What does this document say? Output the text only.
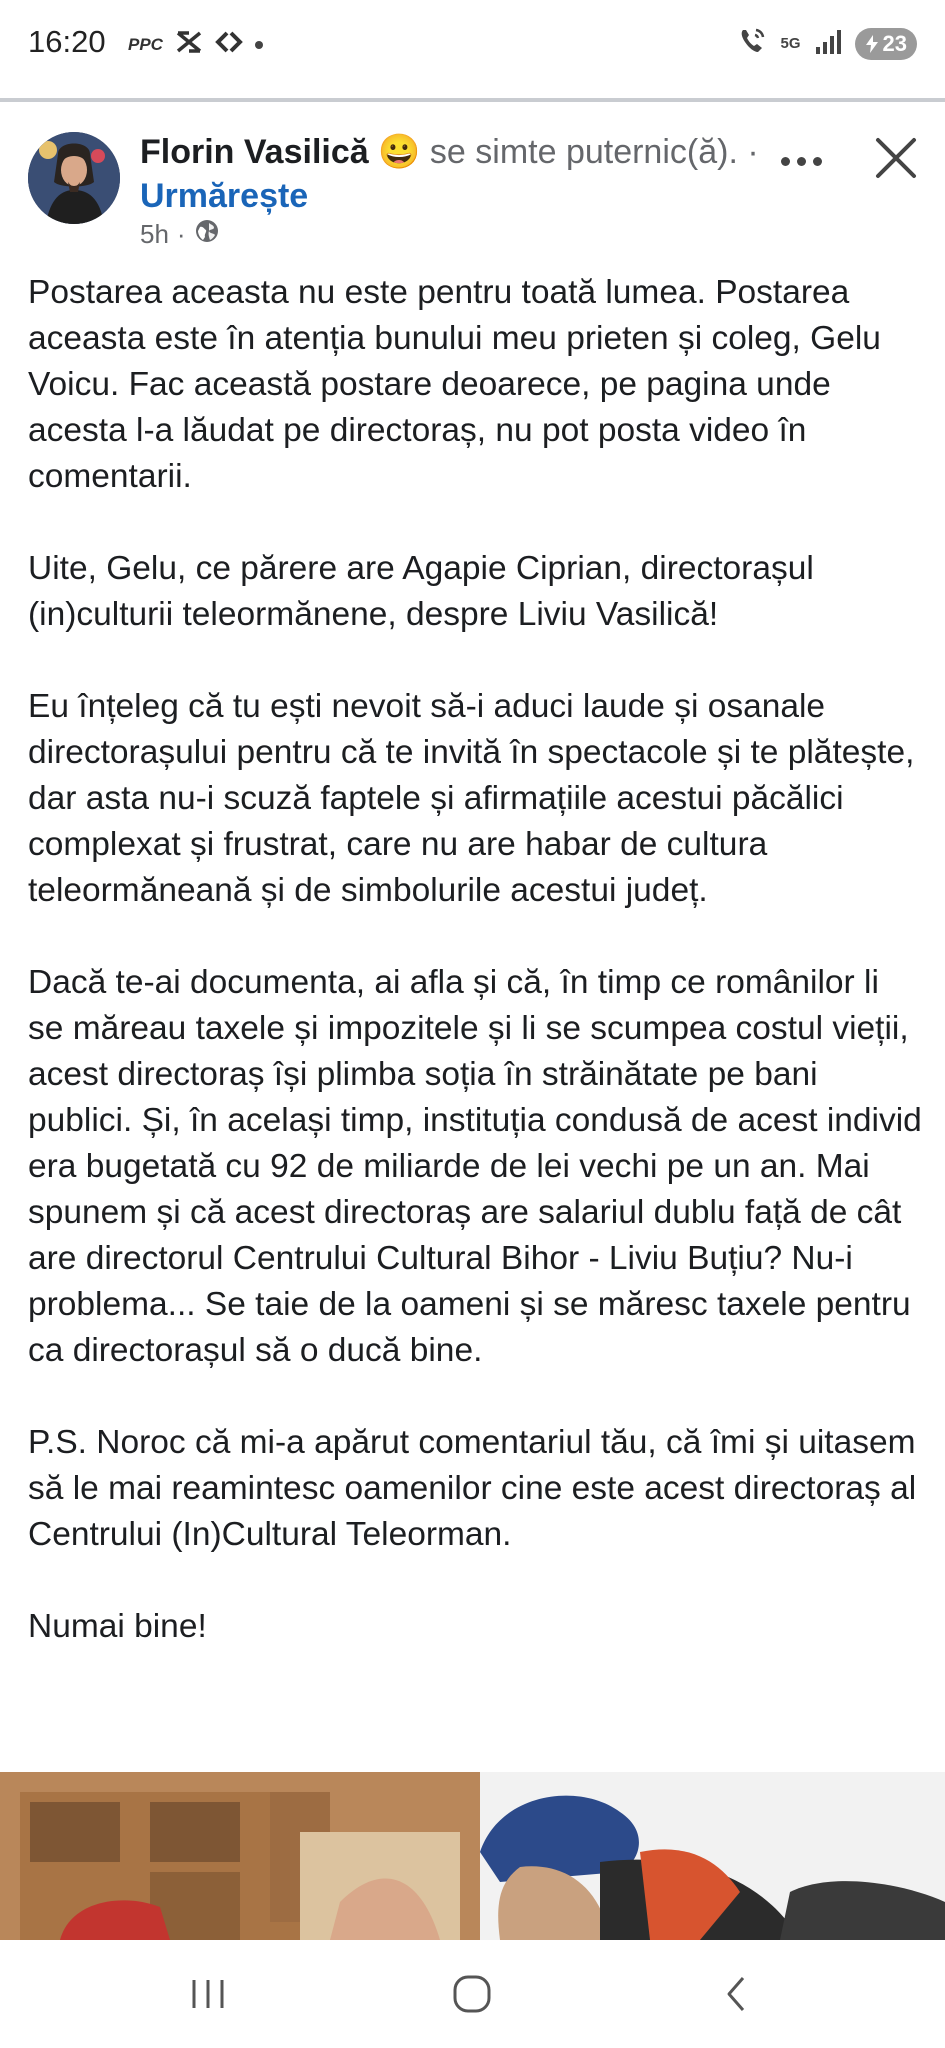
16:20 PPC	5G	23
Florin Vasilică 😀 se simte puternic(ă). · Urmărește
5h ·

Postarea aceasta nu este pentru toată lumea. Postarea aceasta este în atenția bunului meu prieten și coleg, Gelu Voicu. Fac această postare deoarece, pe pagina unde acesta l-a lăudat pe directoraș, nu pot posta video în comentarii.

Uite, Gelu, ce părere are Agapie Ciprian, directorașul (in)culturii teleormănene, despre Liviu Vasilică!

Eu înțeleg că tu ești nevoit să-i aduci laude și osanale directorașului pentru că te invită în spectacole și te plătește, dar asta nu-i scuză faptele și afirmațiile acestui păcălici complexat și frustrat, care nu are habar de cultura teleormăneană și de simbolurile acestui județ.

Dacă te-ai documenta, ai afla și că, în timp ce românilor li se măreau taxele și impozitele și li se scumpea costul vieții, acest directoraș își plimba soția în străinătate pe bani publici. Și, în același timp, instituția condusă de acest individ era bugetată cu 92 de miliarde de lei vechi pe un an. Mai spunem și că acest directoraș are salariul dublu față de cât are directorul Centrului Cultural Bihor - Liviu Buțiu? Nu-i problema... Se taie de la oameni și se măresc taxele pentru ca directorașul să o ducă bine.

P.S. Noroc că mi-a apărut comentariul tău, că îmi și uitasem să le mai reamintesc oamenilor cine este acest directoraș al Centrului (In)Cultural Teleorman.

Numai bine!
